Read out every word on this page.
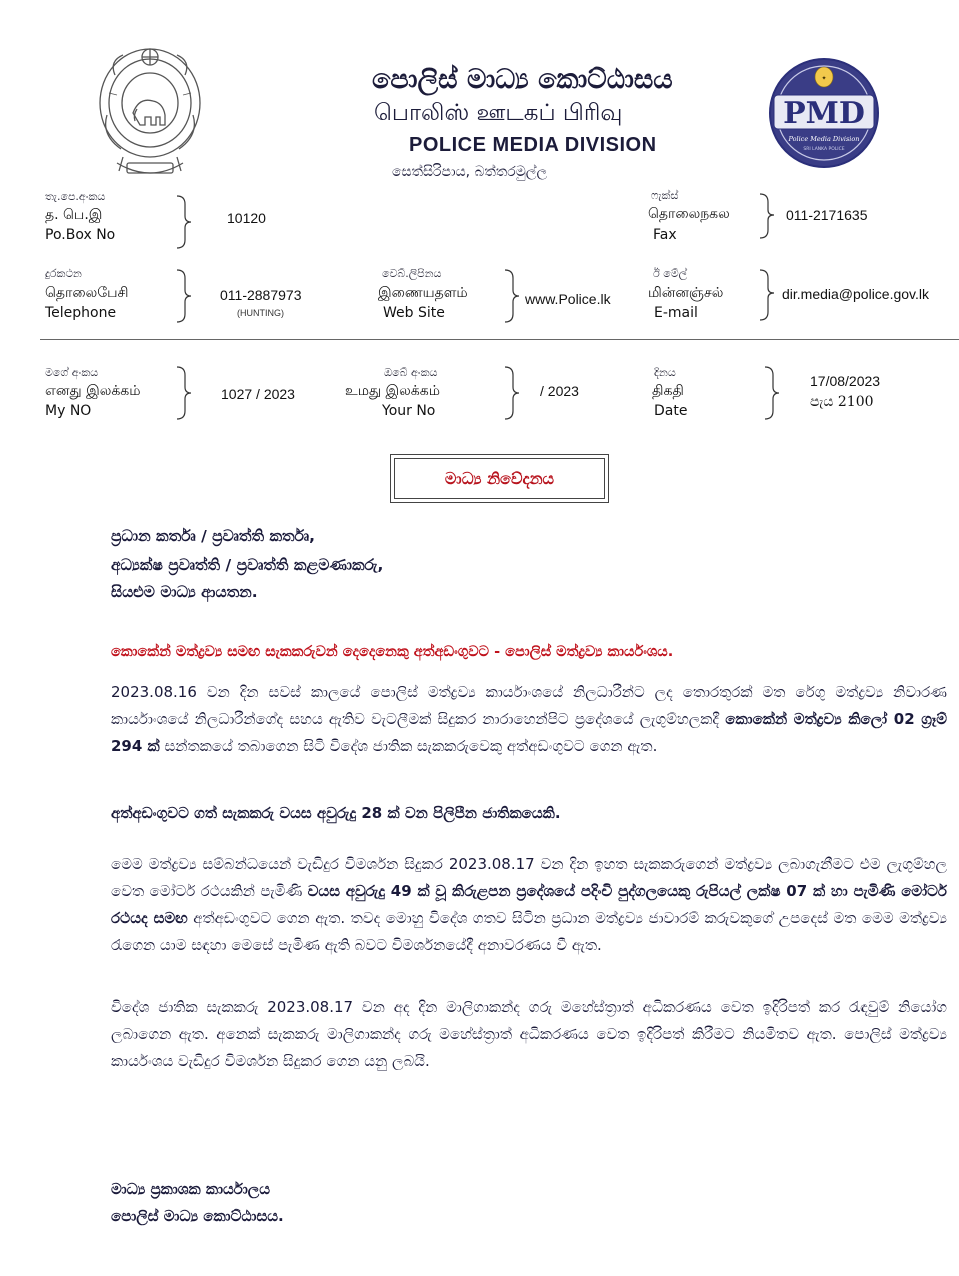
පොලිස් මාධ්‍ය කොට්ඨාසය
பொலிஸ் ஊடகப் பிரிவு
POLICE MEDIA DIVISION
සෙත්සිරිපාය, බත්තරමුල්ල
✦
PMD
Police Media Division
SRI LANKA POLICE
තැ.පෙ.අංකය
த. பெ.இ
Po.Box No
10120
ෆැක්ස්
தொலைநகல
Fax
011-2171635
දුරකථන
தொலைபேசி
Telephone
011-2887973
(HUNTING)
වෙබ්.ලිපිනය
இணையதளம்
Web Site
www.Police.lk
ඊ මේල්
மின்னஞ்சல்
E-mail
dir.media@police.gov.lk
මගේ අංකය
எனது இலக்கம்
My NO
1027 / 2023
ඔබේ අංකය
உமது இலக்கம்
Your No
/ 2023
දිනය
திகதி
Date
17/08/2023
පැය 2100
මාධ්‍ය නිවේදනය
ප්‍රධාන කර්තෘ / ප්‍රවෘත්ති කර්තෘ,
අධ්‍යක්ෂ ප්‍රවෘත්ති / ප්‍රවෘත්ති කළමණාකරු,
සියළුම මාධ්‍ය ආයතන.
කොකේන් මත්ද්‍රව්‍ය සමඟ සැකකරුවන් දෙදෙනෙකු අත්අඩංගුවට - පොලිස් මත්ද්‍රව්‍ය කාර්යංශය.
2023.08.16 වන දින සවස් කාලයේ පොලිස් මත්ද්‍රව්‍ය කාර්යාංශයේ නිලධාරීන්ට ලද තොරතුරක් මත රේගු මත්ද්‍රව්‍ය නිවාරණ කාර්යාංශයේ නිලධාරීන්ගේද සහය ඇතිව වැටලීමක් සිදුකර නාරාහෙන්පිට ප්‍රදේශයේ ලැගුම්හලකදී කොකේන් මත්ද්‍රව්‍ය කිලෝ 02 ග්‍රෑම් 294 ක් සන්තකයේ තබාගෙන සිටි විදේශ ජාතික සැකකරුවෙකු අත්අඩංගුවට ගෙන ඇත.
අත්අඩංගුවට ගත් සැකකරු වයස අවුරුදු 28 ක් වන පිලිපීන ජාතිකයෙකි.
මෙම මත්ද්‍රව්‍ය සම්බන්ධයෙන් වැඩිදුර විමර්ශන සිදුකර 2023.08.17 වන දින ඉහත සැකකරුගෙන් මත්ද්‍රව්‍ය ලබාගැනීමට එම ලැගුම්හල වෙත මෝටර් රථයකින් පැමිණි වයස අවුරුදු 49 ක් වූ කිරුළපන ප්‍රදේශයේ පදිංචි පුද්ගලයෙකු රුපියල් ලක්ෂ 07 ක් හා පැමිණි මෝටර් රථයද සමඟ අත්අඩංගුවට ගෙන ඇත. තවද මොහු විදේශ ගතව සිටින ප්‍රධාන මත්ද්‍රව්‍ය ජාවාරම් කරුවකුගේ උපදෙස් මත මෙම මත්ද්‍රව්‍ය රැගෙන යාම සඳහා මෙසේ පැමිණ ඇති බවට විමර්ශනයේදී අනාවරණය වී ඇත.
විදේශ ජාතික සැකකරු 2023.08.17 වන අද දින මාලිගාකන්ද ගරු මහේස්ත්‍රාත් අධිකරණය වෙත ඉදිරිපත් කර රැඳවුම් නියෝග ලබාගෙන ඇත. අනෙක් සැකකරු මාලිගාකන්ද ගරු මහේස්ත්‍රාත් අධිකරණය වෙත ඉදිරිපත් කිරීමට නියමිතව ඇත. පොලිස් මත්ද්‍රව්‍ය කාර්යංශය වැඩිදුර විමර්ශන සිදුකර ගෙන යනු ලබයි.
මාධ්‍ය ප්‍රකාශක කාර්යාලය
පොලිස් මාධ්‍ය කොට්ඨාසය.
